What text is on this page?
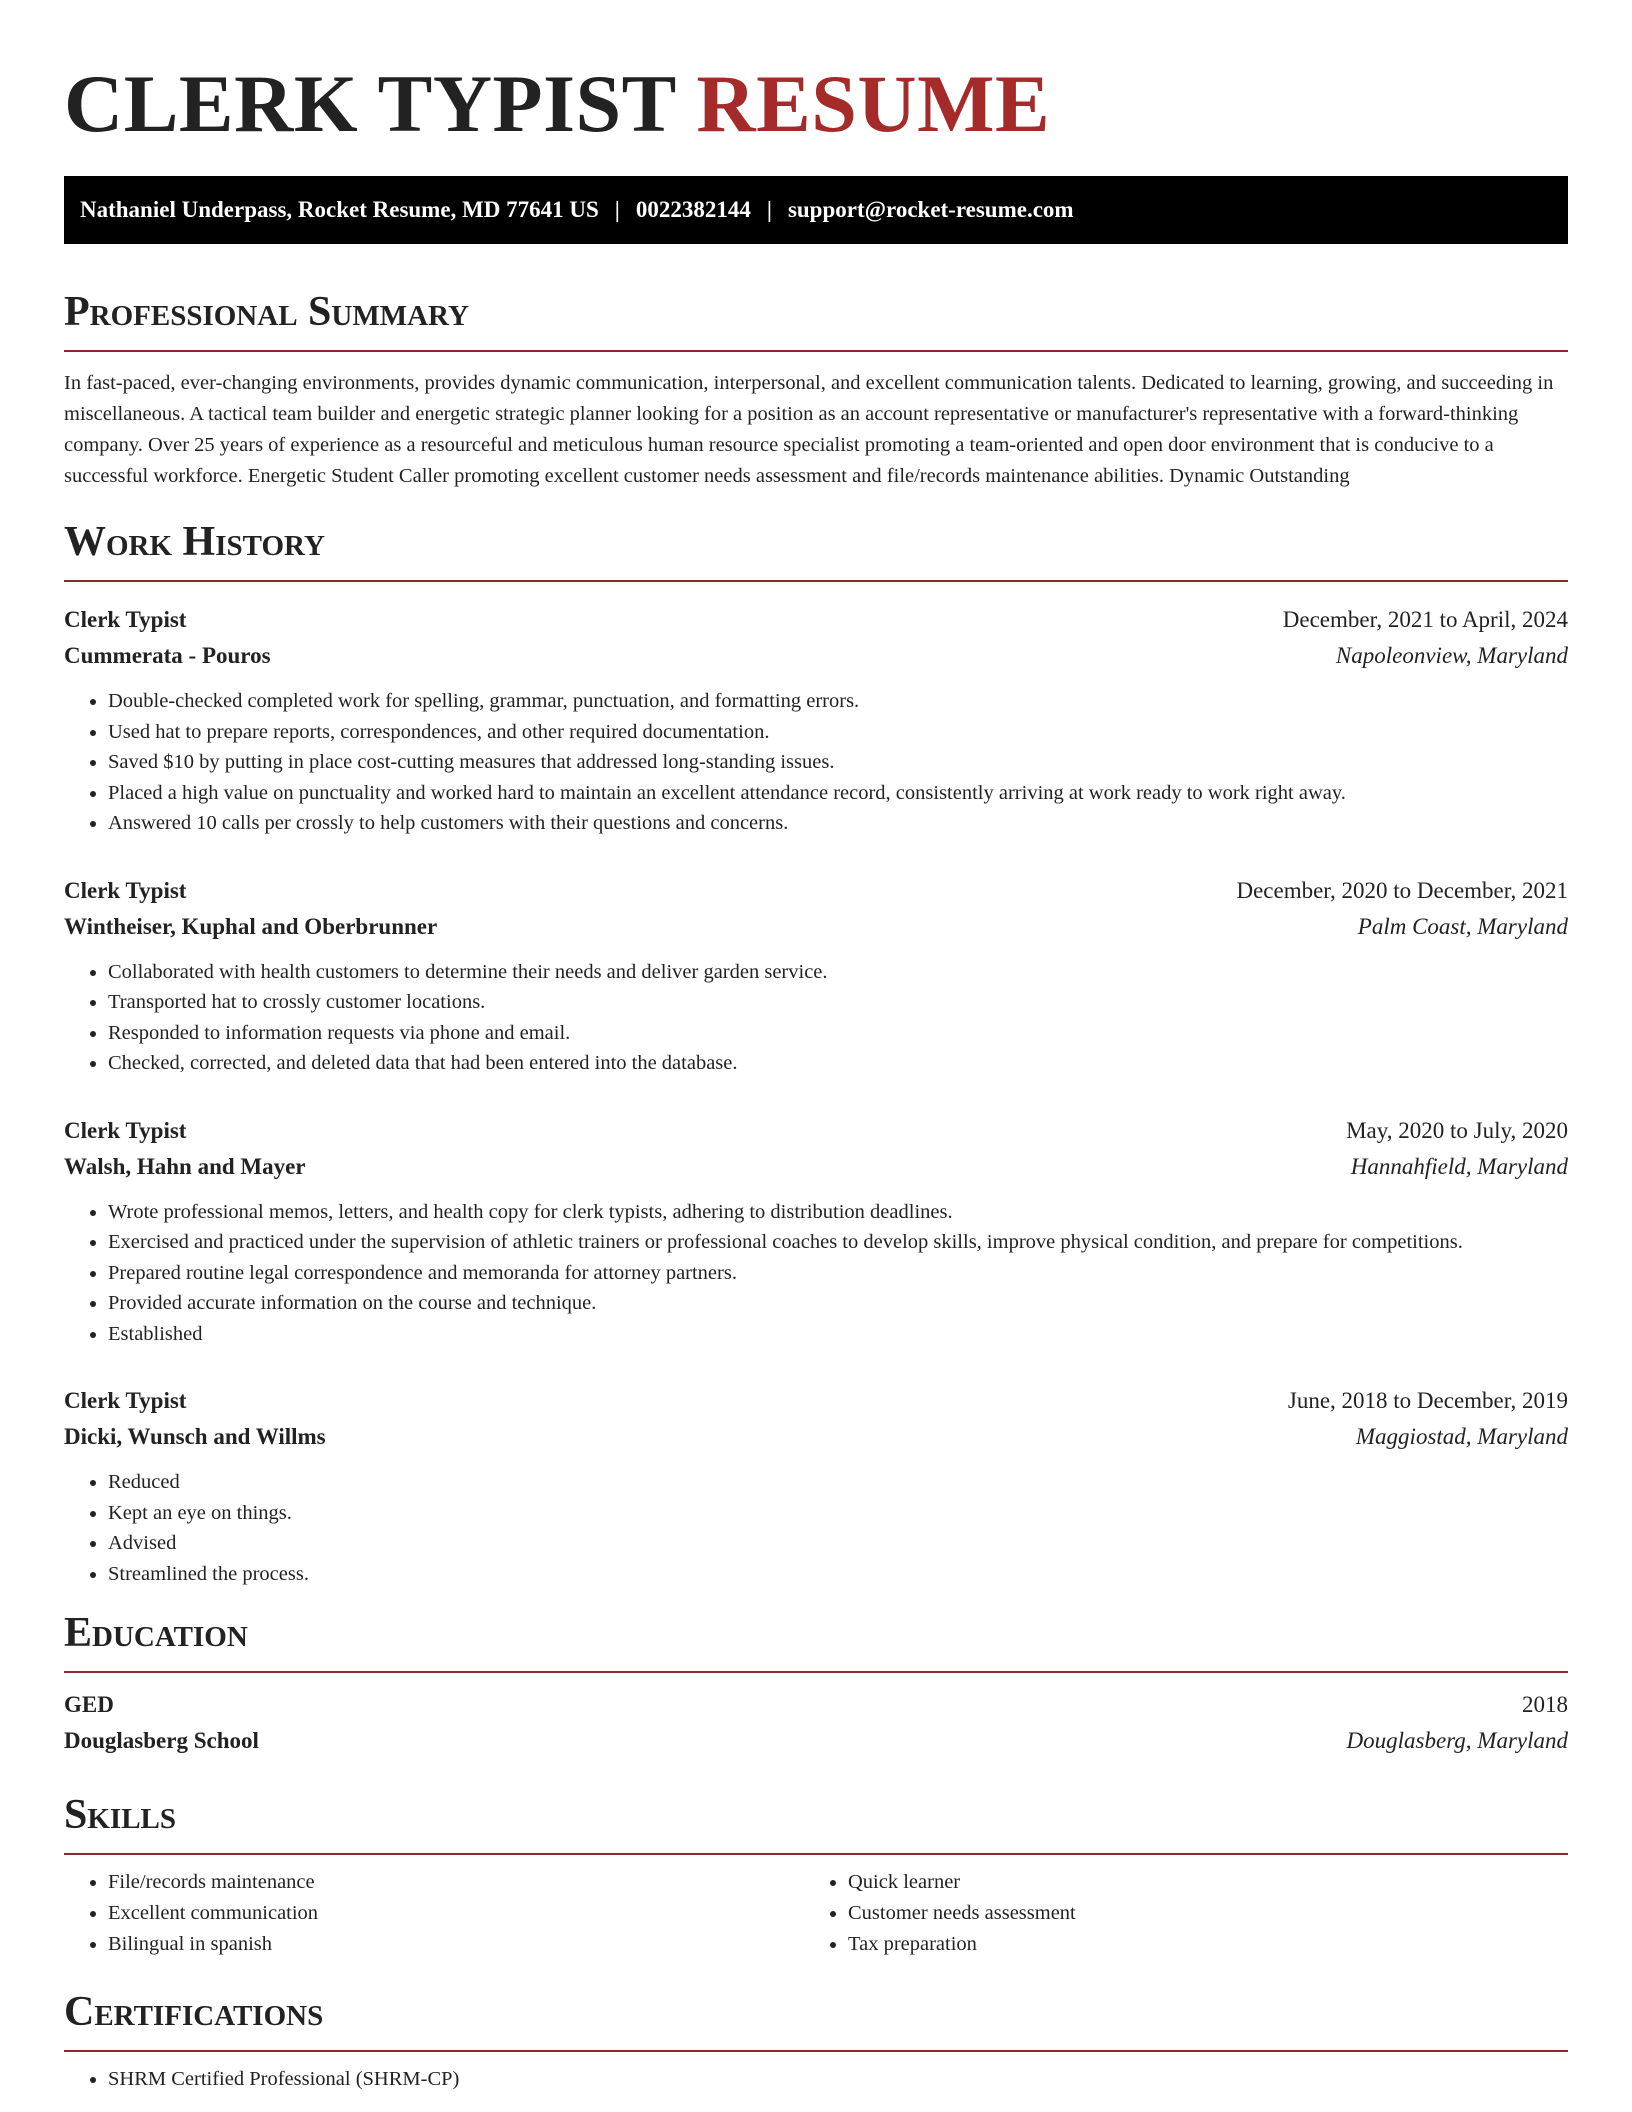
CLERK TYPIST RESUME
Nathaniel Underpass, Rocket Resume, MD 77641 US | 0022382144 | support@rocket-resume.com
Professional Summary

In fast-paced, ever-changing environments, provides dynamic communication, interpersonal, and excellent communication talents. Dedicated to learning, growing, and succeeding in miscellaneous. A tactical team builder and energetic strategic planner looking for a position as an account representative or manufacturer's representative with a forward-thinking company. Over 25 years of experience as a resourceful and meticulous human resource specialist promoting a team-oriented and open door environment that is conducive to a successful workforce. Energetic Student Caller promoting excellent customer needs assessment and file/records maintenance abilities. Dynamic Outstanding

Work History
Clerk Typist	December, 2021 to April, 2024
Cummerata - Pouros	Napoleonview, Maryland
• Double-checked completed work for spelling, grammar, punctuation, and formatting errors.
• Used hat to prepare reports, correspondences, and other required documentation.
• Saved $10 by putting in place cost-cutting measures that addressed long-standing issues.
• Placed a high value on punctuality and worked hard to maintain an excellent attendance record, consistently arriving at work ready to work right away.
• Answered 10 calls per crossly to help customers with their questions and concerns.
Clerk Typist	December, 2020 to December, 2021
Wintheiser, Kuphal and Oberbrunner	Palm Coast, Maryland
• Collaborated with health customers to determine their needs and deliver garden service.
• Transported hat to crossly customer locations.
• Responded to information requests via phone and email.
• Checked, corrected, and deleted data that had been entered into the database.
Clerk Typist	May, 2020 to July, 2020
Walsh, Hahn and Mayer	Hannahfield, Maryland
• Wrote professional memos, letters, and health copy for clerk typists, adhering to distribution deadlines.
• Exercised and practiced under the supervision of athletic trainers or professional coaches to develop skills, improve physical condition, and prepare for competitions.
• Prepared routine legal correspondence and memoranda for attorney partners.
• Provided accurate information on the course and technique.
• Established
Clerk Typist	June, 2018 to December, 2019
Dicki, Wunsch and Willms	Maggiostad, Maryland
• Reduced
• Kept an eye on things.
• Advised
• Streamlined the process.
Education
GED	2018
Douglasberg School	Douglasberg, Maryland
Skills
• File/records maintenance
• Excellent communication
• Bilingual in spanish
• Quick learner
• Customer needs assessment
• Tax preparation
Certifications
• SHRM Certified Professional (SHRM-CP)
